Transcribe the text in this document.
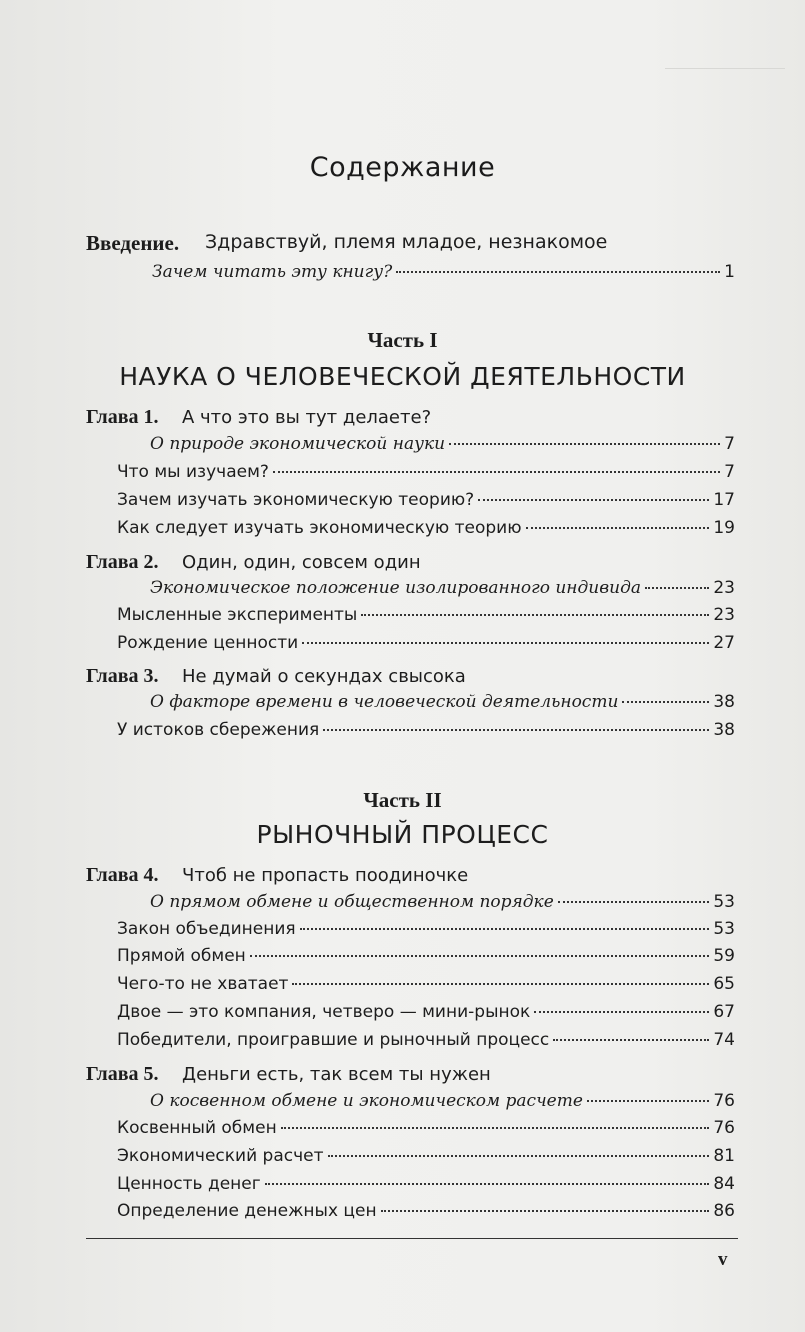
Содержание
Введение. Здравствуй, племя младое, незнакомое
Зачем читать эту книгу?	1
Часть I
НАУКА О ЧЕЛОВЕЧЕСКОЙ ДЕЯТЕЛЬНОСТИ
Глава 1. А что это вы тут делаете?
О природе экономической науки	7
Что мы изучаем?	7
Зачем изучать экономическую теорию?	17
Как следует изучать экономическую теорию	19
Глава 2. Один, один, совсем один
Экономическое положение изолированного индивида	23
Мысленные эксперименты	23
Рождение ценности	27
Глава 3. Не думай о секундах свысока
О факторе времени в человеческой деятельности	38
У истоков сбережения	38
Часть II
РЫНОЧНЫЙ ПРОЦЕСС
Глава 4. Чтоб не пропасть поодиночке
О прямом обмене и общественном порядке	53
Закон объединения	53
Прямой обмен	59
Чего-то не хватает	65
Двое — это компания, четверо — мини-рынок	67
Победители, проигравшие и рыночный процесс	74
Глава 5. Деньги есть, так всем ты нужен
О косвенном обмене и экономическом расчете	76
Косвенный обмен	76
Экономический расчет	81
Ценность денег	84
Определение денежных цен	86
v
